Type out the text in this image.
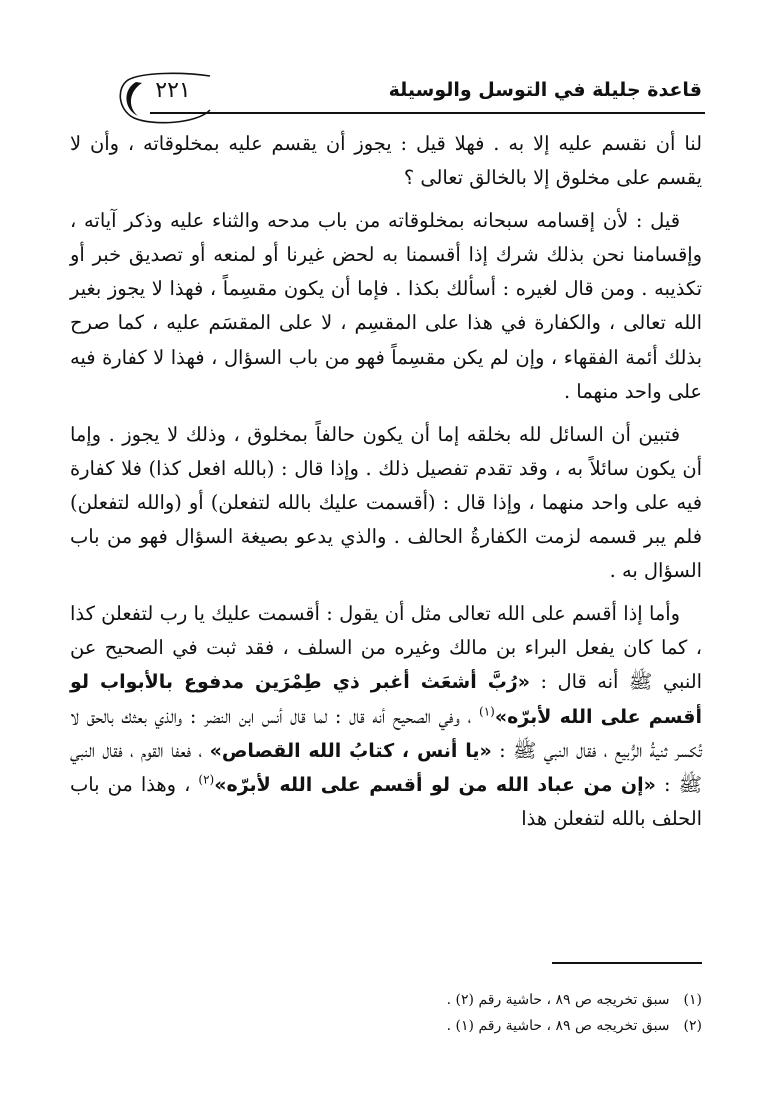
٢٢١	قاعدة جليلة في التوسل والوسيلة

لنا أن نقسم عليه إلا به . فهلا قيل : يجوز أن يقسم عليه بمخلوقاته ، وأن لا يقسم على مخلوق إلا بالخالق تعالى ؟

قيل : لأن إقسامه سبحانه بمخلوقاته من باب مدحه والثناء عليه وذكر آياته ، وإقسامنا نحن بذلك شرك إذا أقسمنا به لحض غيرنا أو لمنعه أو تصديق خبر أو تكذيبه . ومن قال لغيره : أسألك بكذا . فإما أن يكون مقسِماً ، فهذا لا يجوز بغير الله تعالى ، والكفارة في هذا على المقسِم ، لا على المقسَم عليه ، كما صرح بذلك أئمة الفقهاء ، وإن لم يكن مقسِماً فهو من باب السؤال ، فهذا لا كفارة فيه على واحد منهما .

فتبين أن السائل لله بخلقه إما أن يكون حالفاً بمخلوق ، وذلك لا يجوز . وإما أن يكون سائلاً به ، وقد تقدم تفصيل ذلك . وإذا قال : (بالله افعل كذا) فلا كفارة فيه على واحد منهما ، وإذا قال : (أقسمت عليك بالله لتفعلن) أو (والله لتفعلن) فلم يبر قسمه لزمت الكفارةُ الحالف . والذي يدعو بصيغة السؤال فهو من باب السؤال به .

وأما إذا أقسم على الله تعالى مثل أن يقول : أقسمت عليك يا رب لتفعلن كذا ، كما كان يفعل البراء بن مالك وغيره من السلف ، فقد ثبت في الصحيح عن النبي ﷺ أنه قال : «رُبَّ أشعَث أغبر ذي طِمْرَين مدفوع بالأبواب لو أقسم على الله لأبرّه»$^{(١)}$ ، وفي الصحيح أنه قال : لما قال أنس ابن النضر : والذي بعثك بالحق لا تُكسر ثنيةُ الرُّبيع ، فقال النبي ﷺ : «يا أنس ، كتابُ الله القصاص» ، فعفا القوم ، فقال النبي ﷺ : «إن من عباد الله من لو أقسم على الله لأبرّه»$^{(٢)}$ ، وهذا من باب الحلف بالله لتفعلن هذا

(١) سبق تخريجه ص ٨٩ ، حاشية رقم (٢) .
(٢) سبق تخريجه ص ٨٩ ، حاشية رقم (١) .
